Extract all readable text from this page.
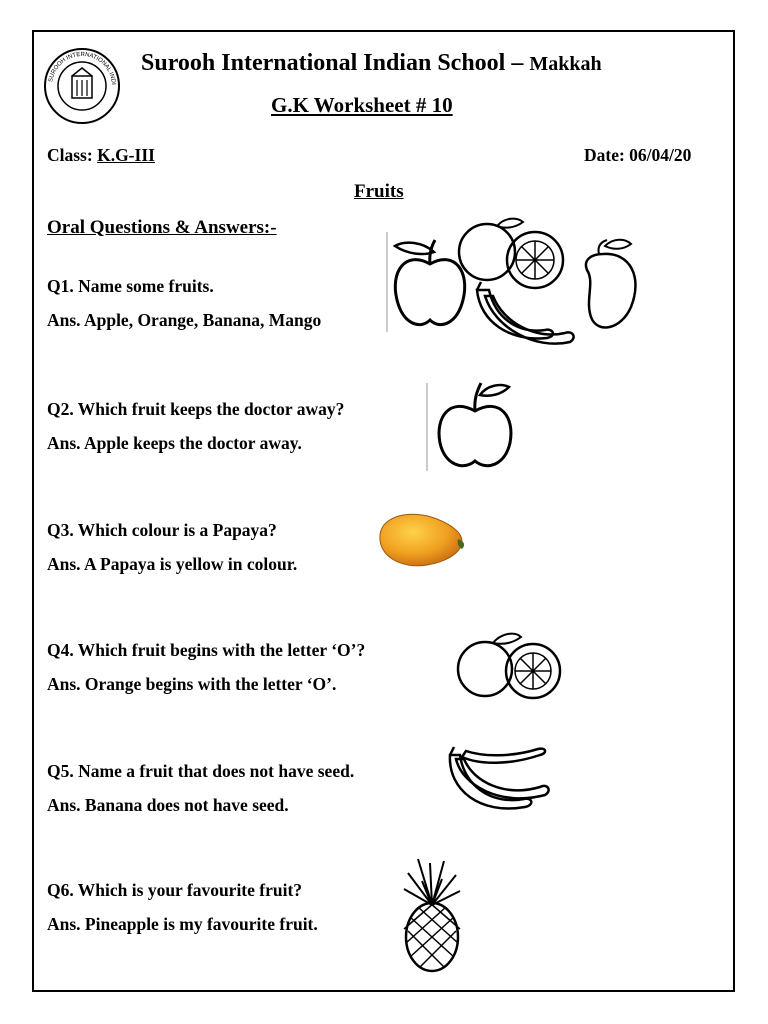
SUROOH INTERNATIONAL INDIAN SCHOOL MAKKAH
Surooh International Indian School – Makkah
G.K Worksheet # 10
Class: K.G-III	Date: 06/04/20
Fruits
Oral Questions & Answers:-
Q1. Name some fruits.
Ans. Apple, Orange, Banana, Mango
Q2. Which fruit keeps the doctor away?
Ans. Apple keeps the doctor away.
Q3. Which colour is a Papaya?
Ans. A Papaya is yellow in colour.
Q4. Which fruit begins with the letter ‘O’?
Ans. Orange begins with the letter ‘O’.
Q5. Name a fruit that does not have seed.
Ans. Banana does not have seed.
Q6. Which is your favourite fruit?
Ans. Pineapple is my favourite fruit.
